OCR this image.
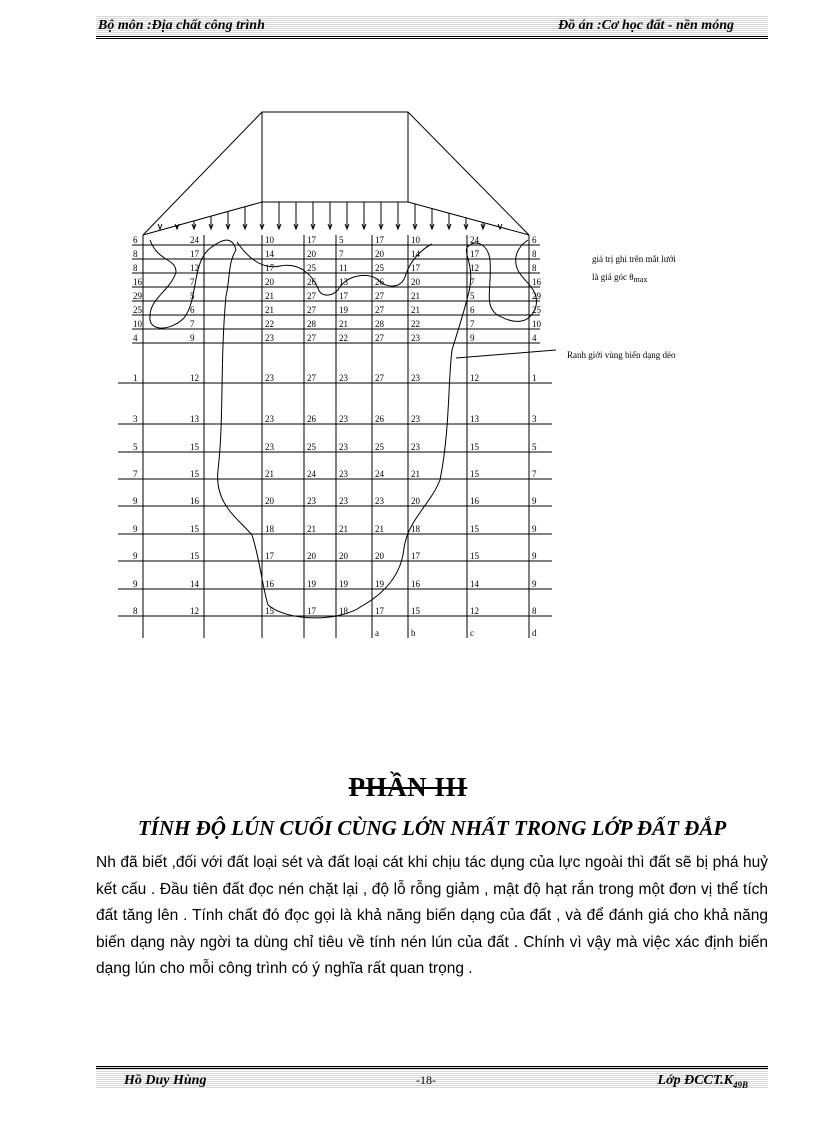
Bộ môn :Địa chất công trình	Đồ án :Cơ học đất - nền móng
6	24	10	17	5	17	10	24	6
8	17	14	20	7	20	14	17	8
8	12	17	25	11	25	17	12	8
16	7	20	26	13	26	20	7	16
29	5	21	27	17	27	21	5	29
25	6	21	27	19	27	21	6	25
10	7	22	28	21	28	22	7	10
4	9	23	27	22	27	23	9	4
1	12	23	27	23	27	23	12	1
3	13	23	26	23	26	23	13	3
5	15	23	25	23	25	23	15	5
7	15	21	24	23	24	21	15	7
9	16	20	23	23	23	20	16	9
9	15	18	21	21	21	18	15	9
9	15	17	20	20	20	17	15	9
9	14	16	19	19	19	16	14	9
8	12	15	17	18	17	15	12	8
a	b	c	d
giá trị ghi trên mắt lưới
là giá góc θmax
Ranh giới vùng biến dạng dẻo
PHẦN III
TÍNH ĐỘ LÚN CUỐI CÙNG LỚN NHẤT TRONG LỚP ĐẤT ĐẮP
Nh đã biết ,đối với đất loại sét và đất loại cát khi chịu tác dụng của lực ngoài thì đất sẽ bị phá huỷ kết cấu . Đầu tiên đất đọc nén chặt lại , độ lỗ rỗng giảm , mật độ hạt rắn trong một đơn vị thể tích đất tăng lên . Tính chất đó đọc gọi là khả năng biến dạng của đất , và để đánh giá cho khả năng biến dạng này ngời ta dùng chỉ tiêu về tính nén lún của đất . Chính vì vậy mà việc xác định biến dạng lún cho mỗi công trình có ý nghĩa rất quan trọng .
Hồ Duy Hùng	-18-	Lớp $ĐCCT.K_{49B}$
